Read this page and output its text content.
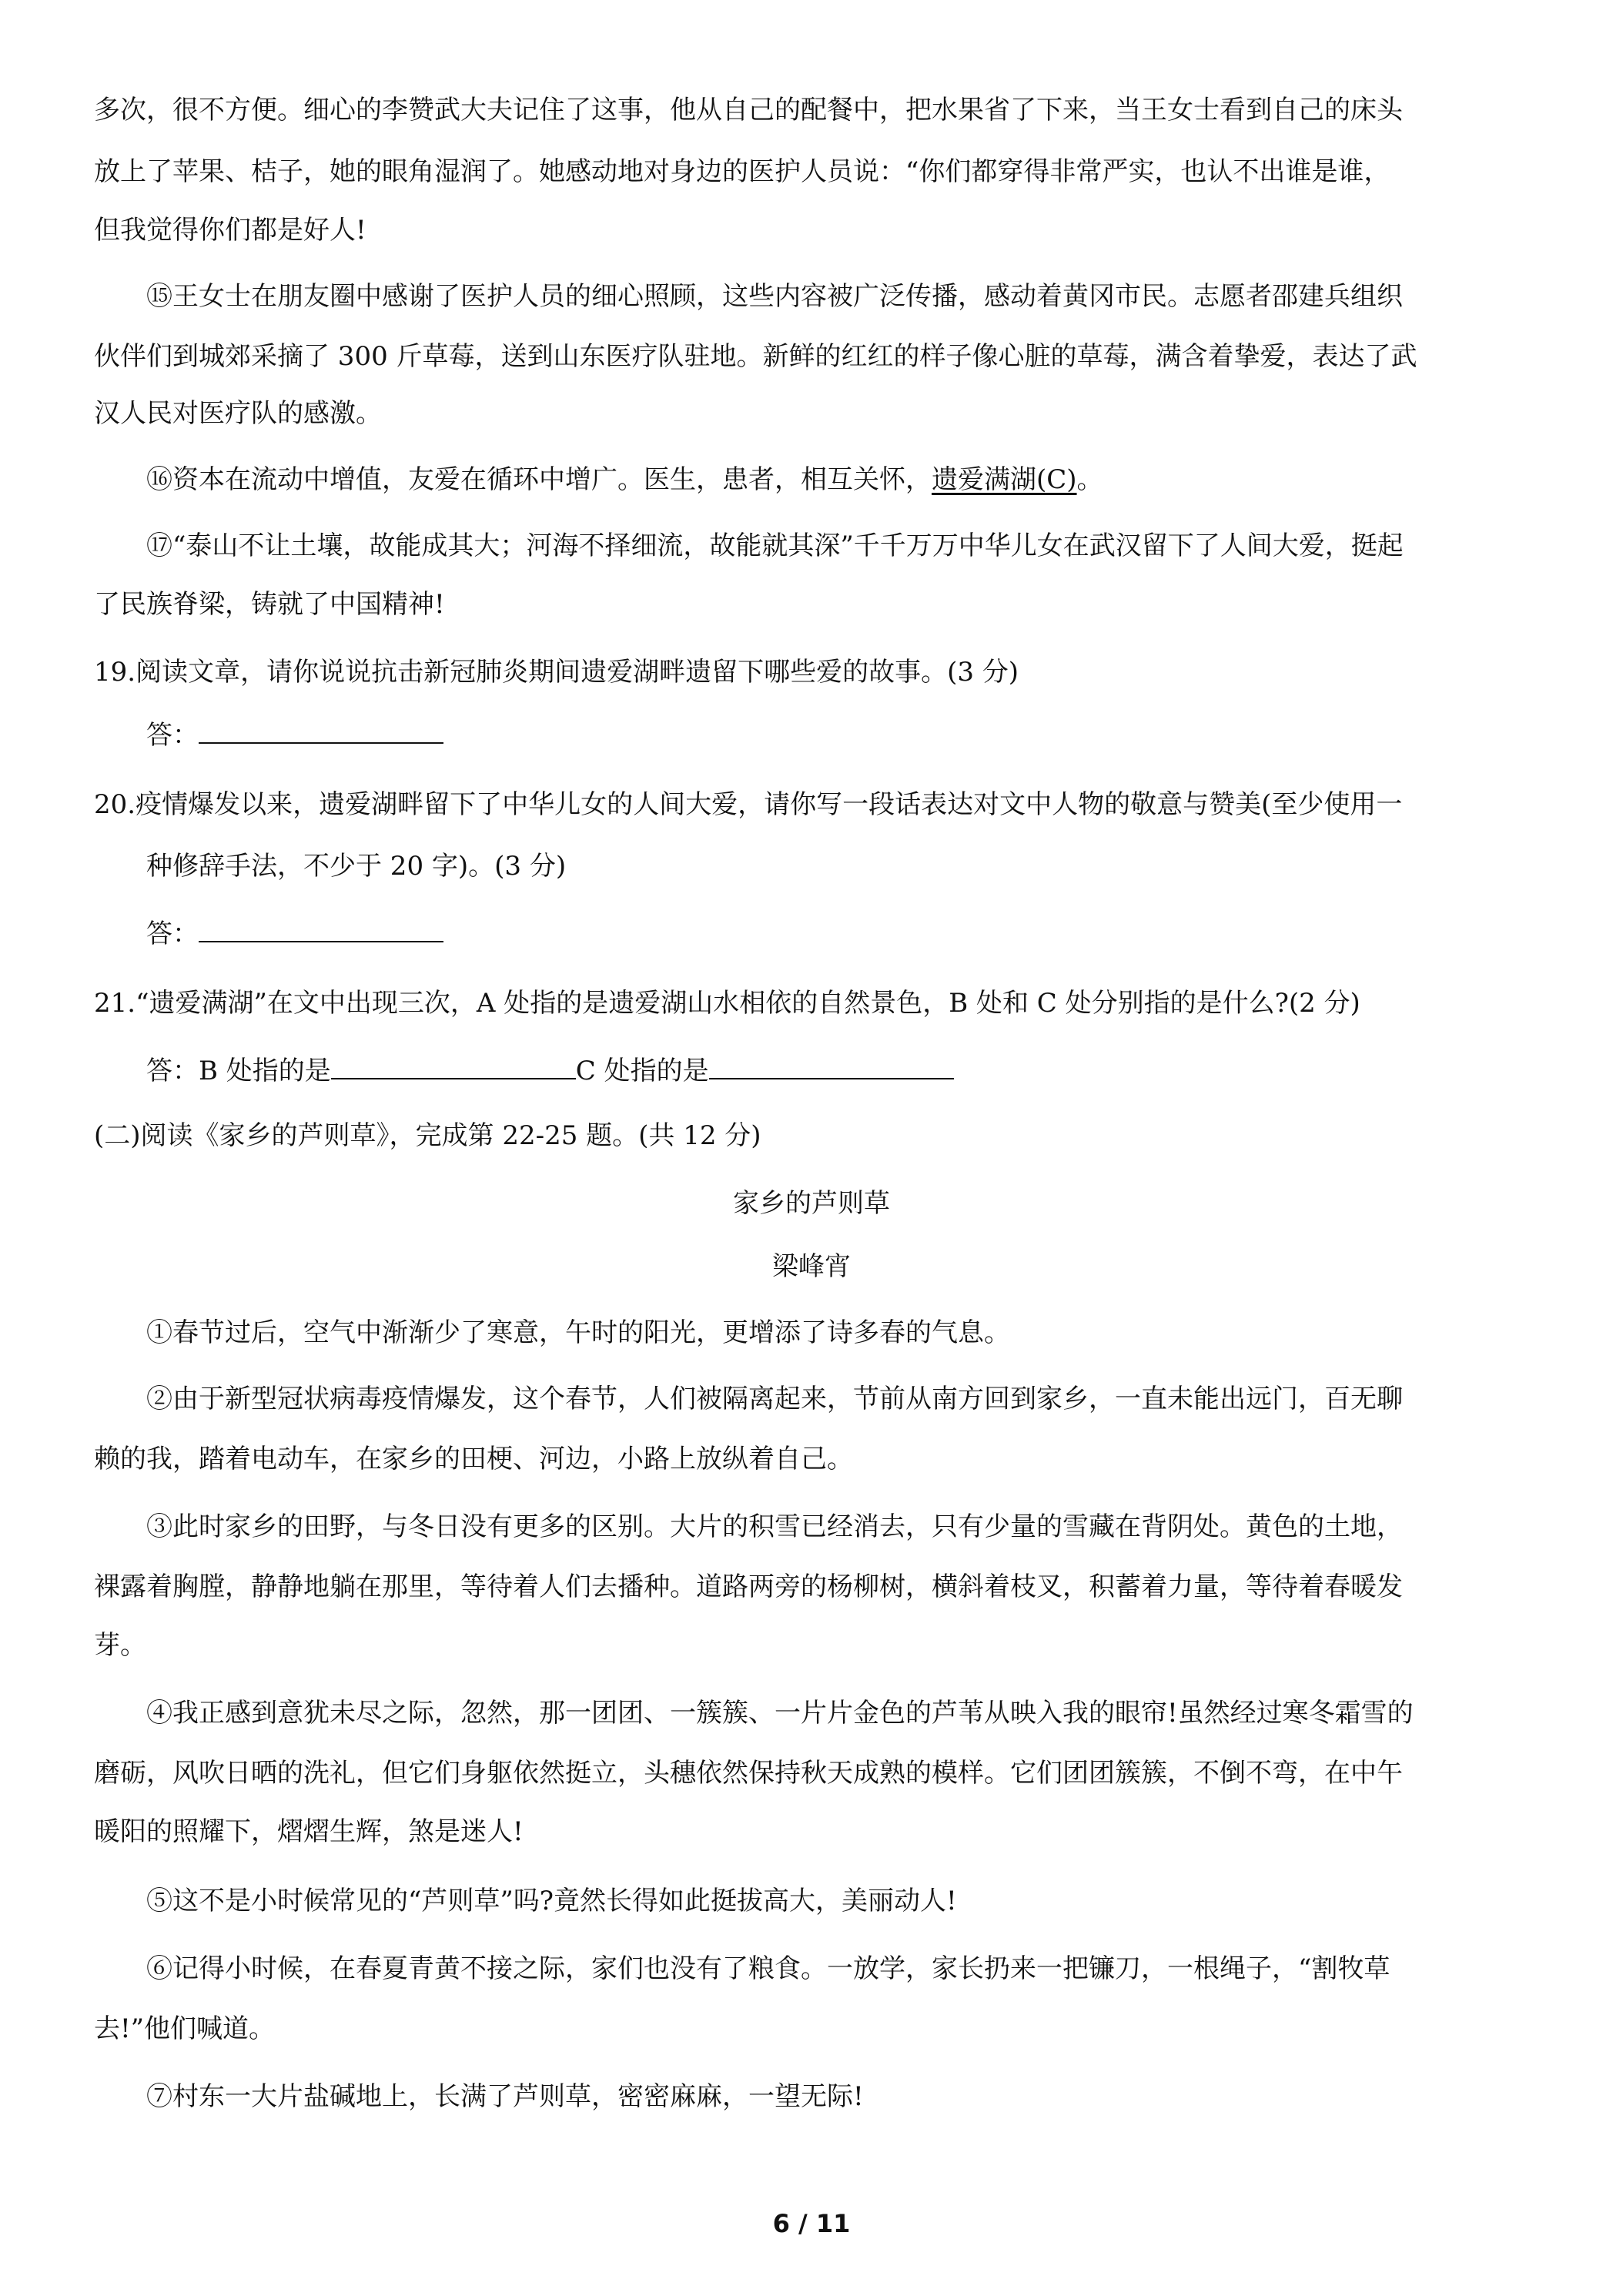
多次，很不方便。细心的李赞武大夫记住了这事，他从自己的配餐中，把水果省了下来，当王女士看到自己的床头
放上了苹果、桔子，她的眼角湿润了。她感动地对身边的医护人员说：“你们都穿得非常严实，也认不出谁是谁，
但我觉得你们都是好人!
⑮王女士在朋友圈中感谢了医护人员的细心照顾，这些内容被广泛传播，感动着黄冈市民。志愿者邵建兵组织
伙伴们到城郊采摘了 300 斤草莓，送到山东医疗队驻地。新鲜的红红的样子像心脏的草莓，满含着挚爱，表达了武
汉人民对医疗队的感激。
⑯资本在流动中增值，友爱在循环中增广。医生，患者，相互关怀，遗爱满湖(C)。
⑰“泰山不让土壤，故能成其大；河海不择细流，故能就其深”千千万万中华儿女在武汉留下了人间大爱，挺起
了民族脊梁，铸就了中国精神!
19.阅读文章，请你说说抗击新冠肺炎期间遗爱湖畔遗留下哪些爱的故事。(3 分)
答：
20.疫情爆发以来，遗爱湖畔留下了中华儿女的人间大爱，请你写一段话表达对文中人物的敬意与赞美(至少使用一
种修辞手法，不少于 20 字)。(3 分)
答：
21.“遗爱满湖”在文中出现三次，A 处指的是遗爱湖山水相依的自然景色，B 处和 C 处分别指的是什么?(2 分)
答：B 处指的是	C 处指的是
(二)阅读《家乡的芦则草》，完成第 22-25 题。(共 12 分)
家乡的芦则草
梁峰宵
①春节过后，空气中渐渐少了寒意，午时的阳光，更增添了诗多春的气息。
②由于新型冠状病毒疫情爆发，这个春节，人们被隔离起来，节前从南方回到家乡，一直未能出远门，百无聊
赖的我，踏着电动车，在家乡的田梗、河边，小路上放纵着自己。
③此时家乡的田野，与冬日没有更多的区别。大片的积雪已经消去，只有少量的雪藏在背阴处。黄色的土地，
裸露着胸膛，静静地躺在那里，等待着人们去播种。道路两旁的杨柳树，横斜着枝叉，积蓄着力量，等待着春暖发
芽。
④我正感到意犹未尽之际，忽然，那一团团、一簇簇、一片片金色的芦苇从映入我的眼帘!虽然经过寒冬霜雪的
磨砺，风吹日晒的洗礼，但它们身躯依然挺立，头穗依然保持秋天成熟的模样。它们团团簇簇，不倒不弯，在中午
暖阳的照耀下，熠熠生辉，煞是迷人!
⑤这不是小时候常见的“芦则草”吗?竟然长得如此挺拔高大，美丽动人!
⑥记得小时候，在春夏青黄不接之际，家们也没有了粮食。一放学，家长扔来一把镰刀，一根绳子，“割牧草
去!”他们喊道。
⑦村东一大片盐碱地上，长满了芦则草，密密麻麻，一望无际!
6 / 11
